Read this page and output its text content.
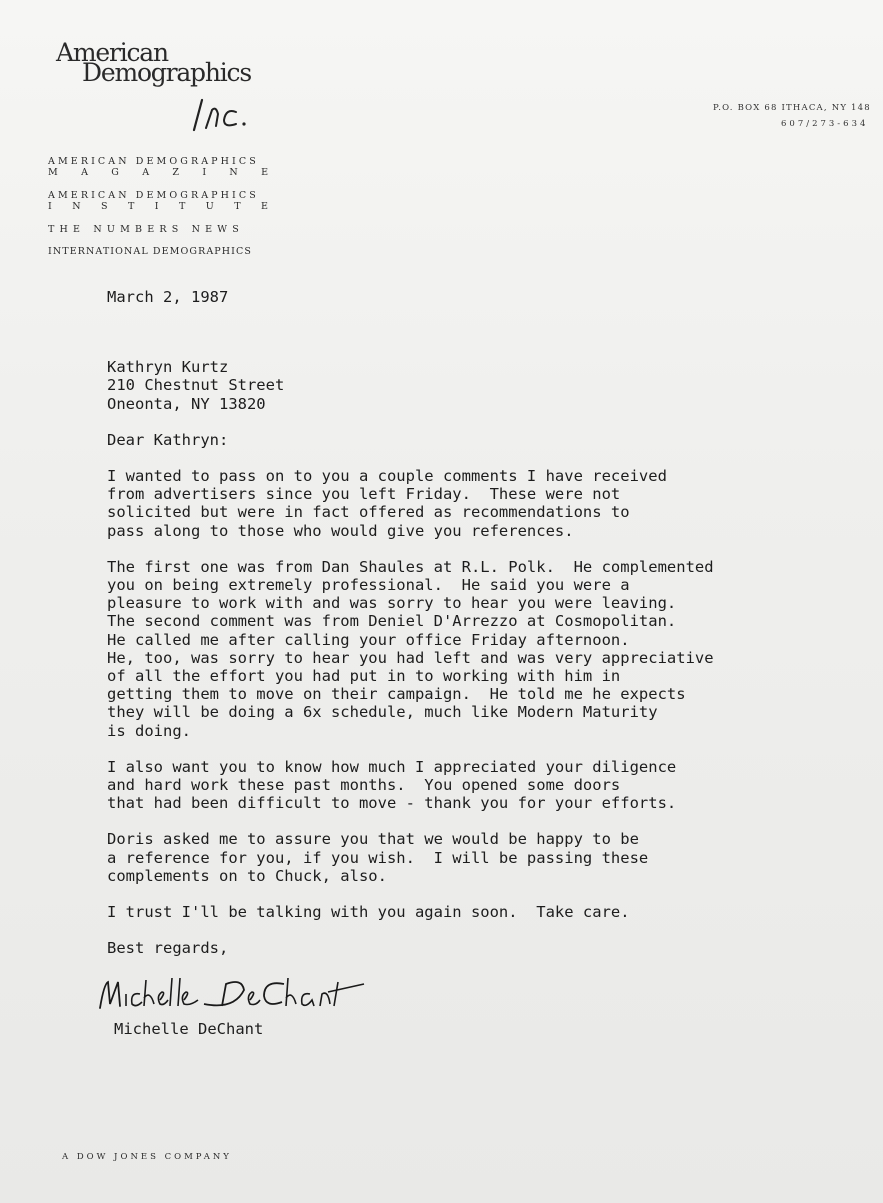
American
Demographics
P.O. BOX 68 ITHACA, NY 148
607/273-634
AMERICAN DEMOGRAPHICS
M A G A Z I N E
AMERICAN DEMOGRAPHICS
I N S T I T U T E
THE NUMBERS NEWS
INTERNATIONAL DEMOGRAPHICS
March 2, 1987
Kathryn Kurtz
210 Chestnut Street
Oneonta, NY 13820
Dear Kathryn:
I wanted to pass on to you a couple comments I have received
from advertisers since you left Friday.  These were not
solicited but were in fact offered as recommendations to
pass along to those who would give you references.
The first one was from Dan Shaules at R.L. Polk.  He complemented
you on being extremely professional.  He said you were a
pleasure to work with and was sorry to hear you were leaving.
The second comment was from Deniel D'Arrezzo at Cosmopolitan.
He called me after calling your office Friday afternoon.
He, too, was sorry to hear you had left and was very appreciative
of all the effort you had put in to working with him in
getting them to move on their campaign.  He told me he expects
they will be doing a 6x schedule, much like Modern Maturity
is doing.
I also want you to know how much I appreciated your diligence
and hard work these past months.  You opened some doors
that had been difficult to move - thank you for your efforts.
Doris asked me to assure you that we would be happy to be
a reference for you, if you wish.  I will be passing these
complements on to Chuck, also.
I trust I'll be talking with you again soon.  Take care.
Best regards,
Michelle DeChant
A DOW JONES COMPANY
